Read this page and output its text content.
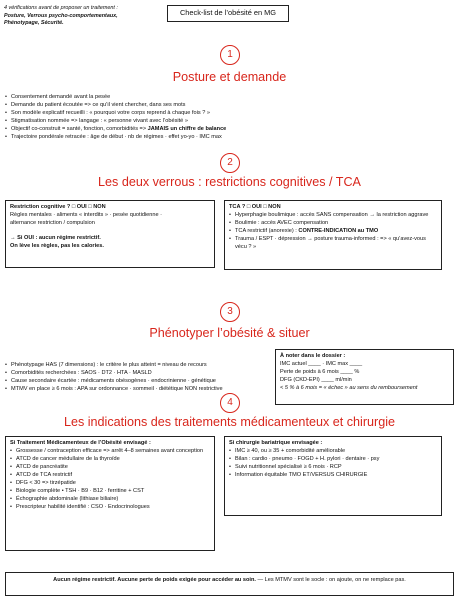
4 vérifications avant de proposer un traitement :
Posture, Verrous psycho-comportementaux, Phénotypage, Sécurité.
Check-list de l’obésité en MG
1
Posture et demande
• Consentement demandé avant la pesée
• Demande du patient écoutée => ce qu’il vient chercher, dans ses mots
• Son modèle explicatif recueilli : « pourquoi votre corps reprend à chaque fois ? »
• Stigmatisation nommée => langage : « personne vivant avec l’obésité »
• Objectif co-construit = santé, fonction, comorbidités => JAMAIS un chiffre de balance
• Trajectoire pondérale retracée : âge de début · nb de régimes · effet yo-yo · IMC max
2
Les deux verrous : restrictions cognitives / TCA

Restriction cognitive ? □ OUI □ NON

Règles mentales · aliments « interdits » · pesée quotidienne ·

alternance restriction / compulsion

→ Si OUI : aucun régime restrictif.

On lève les règles, pas les calories.

TCA ? □ OUI □ NON

• Hyperphagie boulimique : accès SANS compensation → la restriction aggrave
• Boulimie : accès AVEC compensation
• TCA restrictif (anorexie) : CONTRE-INDICATION au TMO
• Trauma / ESPT · dépression → posture trauma-informed : => « qu’avez-vous vécu ? »
3
Phénotyper l’obésité & situer
• Phénotypage HAS (7 dimensions) : le critère le plus atteint = niveau de recours
• Comorbidités recherchées : SAOS · DT2 · HTA · MASLD
• Cause secondaire écartée : médicaments obésogènes · endocrinienne · génétique
• MTMV en place ≥ 6 mois : APA sur ordonnance · sommeil · diététique NON restrictive

À noter dans le dossier :

IMC actuel ____ · IMC max ____

Perte de poids à 6 mois ____ %

DFG (CKD-EPI) ____ ml/min

< 5 % à 6 mois = « échec » au sens du remboursement

4
Les indications des traitements médicamenteux et chirurgie

Si Traitement Médicamenteux de l’Obésité envisagé :

• Grossesse / contraception efficace => arrêt 4–8 semaines avant conception
• ATCD de cancer médullaire de la thyroïde
• ATCD de pancréatite
• ATCD de TCA restrictif
• DFG < 30 => tirzépatide
• Biologie complète • TSH · B9 · B12 · ferritine + CST
• Échographie abdominale (lithiase biliaire)
• Prescripteur habilité identifié : CSO · Endocrinologues

Si chirurgie bariatrique envisagée :

• IMC ≥ 40, ou ≥ 35 + comorbidité améliorable
• Bilan : cardio · pneumo · FOGD + H. pylori · dentaire · psy
• Suivi nutritionnel spécialisé ≥ 6 mois · RCP
• Information équitable TMO ET/VERSUS CHIRURGIE
Aucun régime restrictif. Aucune perte de poids exigée pour accéder au soin. — Les MTMV sont le socle : on ajoute, on ne remplace pas.
